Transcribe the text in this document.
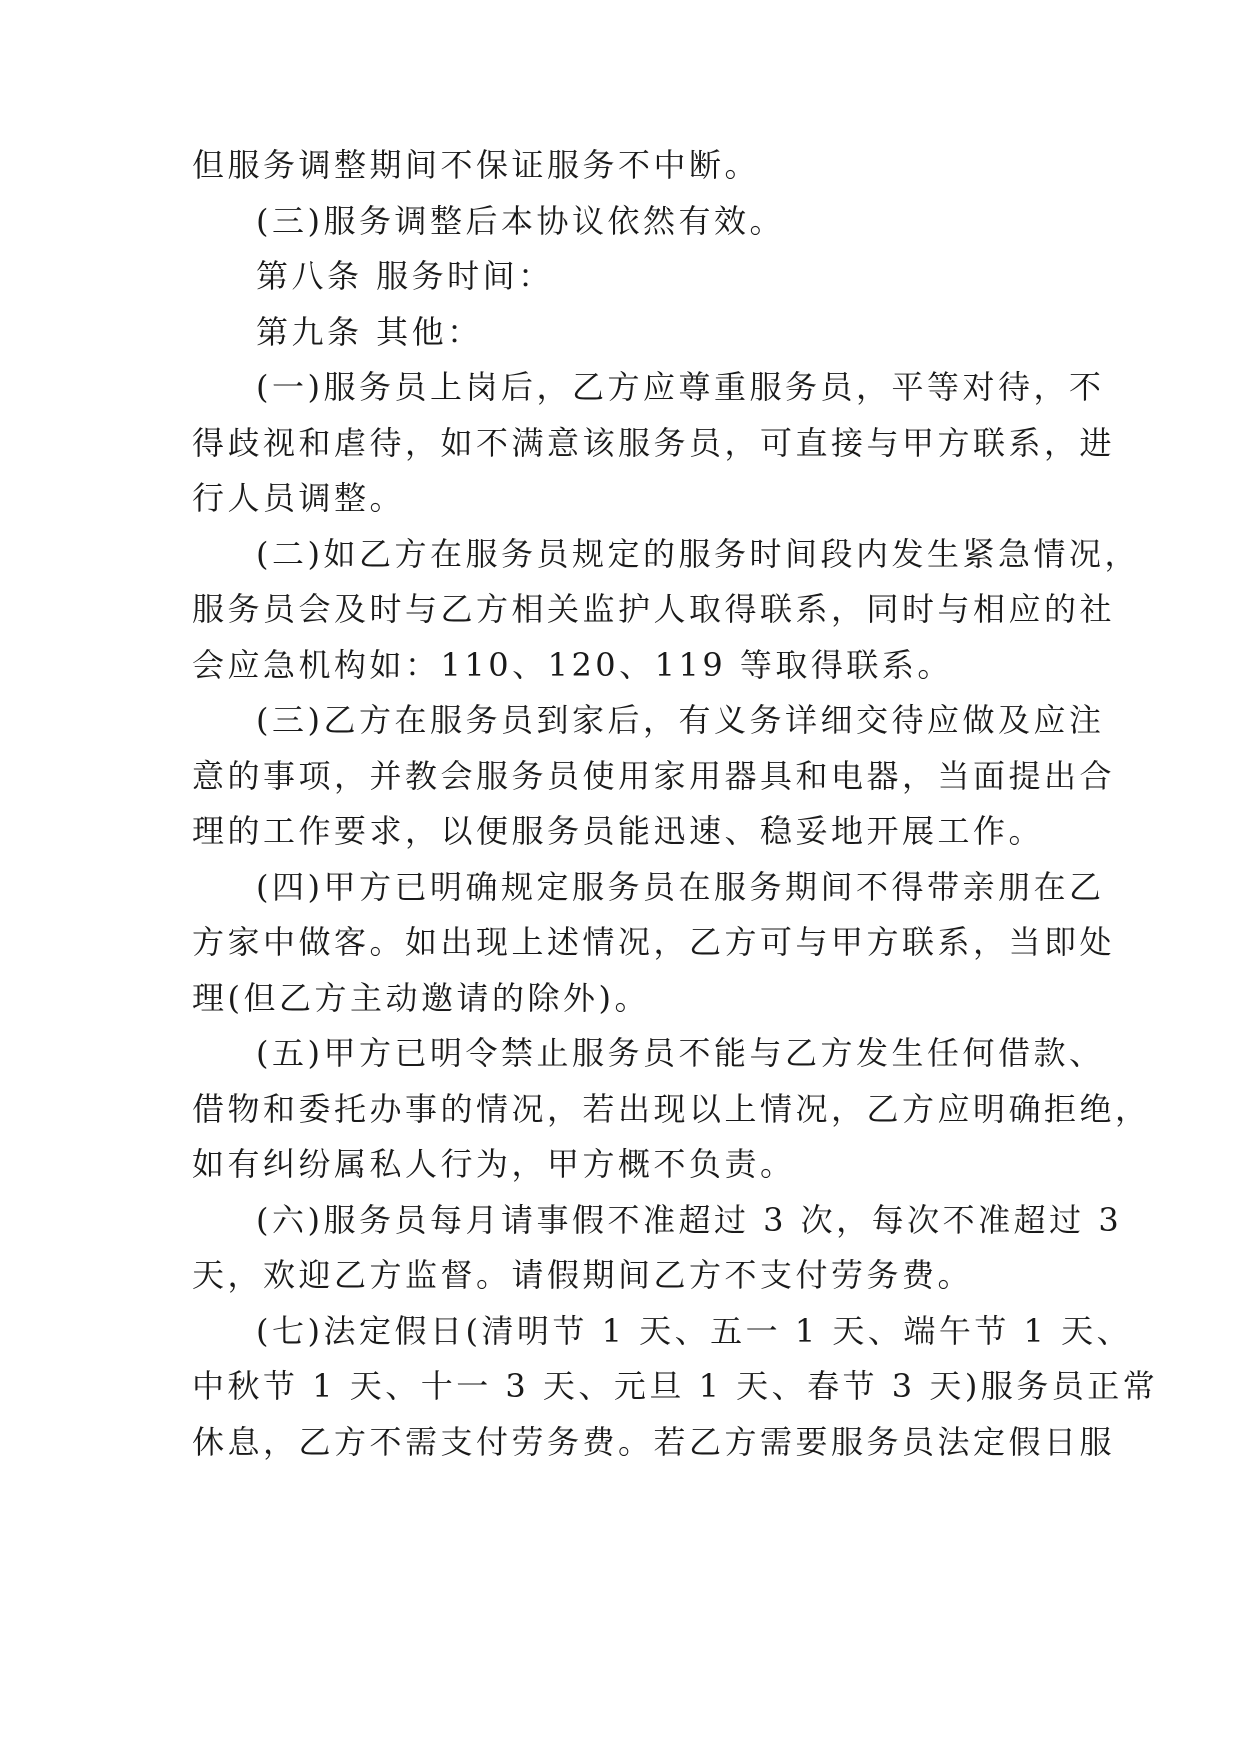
但服务调整期间不保证服务不中断。
(三)服务调整后本协议依然有效。
第八条 服务时间：
第九条 其他：
(一)服务员上岗后，乙方应尊重服务员，平等对待，不
得歧视和虐待，如不满意该服务员，可直接与甲方联系，进
行人员调整。
(二)如乙方在服务员规定的服务时间段内发生紧急情况，
服务员会及时与乙方相关监护人取得联系，同时与相应的社
会应急机构如：110、120、119 等取得联系。
(三)乙方在服务员到家后，有义务详细交待应做及应注
意的事项，并教会服务员使用家用器具和电器，当面提出合
理的工作要求，以便服务员能迅速、稳妥地开展工作。
(四)甲方已明确规定服务员在服务期间不得带亲朋在乙
方家中做客。如出现上述情况，乙方可与甲方联系，当即处
理(但乙方主动邀请的除外)。
(五)甲方已明令禁止服务员不能与乙方发生任何借款、
借物和委托办事的情况，若出现以上情况，乙方应明确拒绝，
如有纠纷属私人行为，甲方概不负责。
(六)服务员每月请事假不准超过 3 次，每次不准超过 3
天，欢迎乙方监督。请假期间乙方不支付劳务费。
(七)法定假日(清明节 1 天、五一 1 天、端午节 1 天、
中秋节 1 天、十一 3 天、元旦 1 天、春节 3 天)服务员正常
休息，乙方不需支付劳务费。若乙方需要服务员法定假日服
